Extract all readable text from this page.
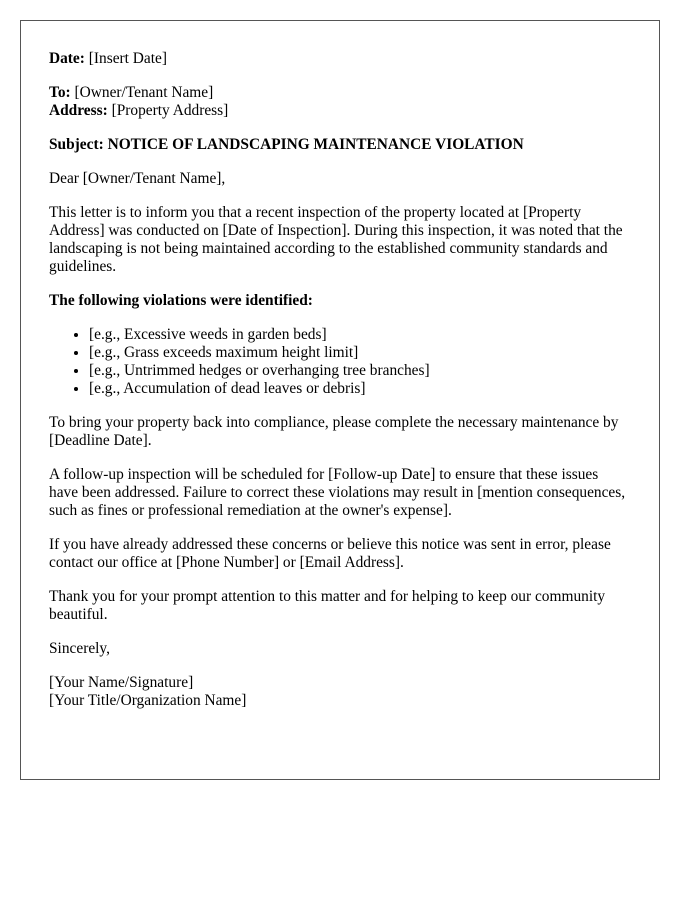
Date: [Insert Date]

To: [Owner/Tenant Name]

Address: [Property Address]

Subject: NOTICE OF LANDSCAPING MAINTENANCE VIOLATION

Dear [Owner/Tenant Name],

This letter is to inform you that a recent inspection of the property located at [Property Address] was conducted on [Date of Inspection]. During this inspection, it was noted that the landscaping is not being maintained according to the established community standards and guidelines.

The following violations were identified:

• [e.g., Excessive weeds in garden beds]
• [e.g., Grass exceeds maximum height limit]
• [e.g., Untrimmed hedges or overhanging tree branches]
• [e.g., Accumulation of dead leaves or debris]

To bring your property back into compliance, please complete the necessary maintenance by [Deadline Date].

A follow-up inspection will be scheduled for [Follow-up Date] to ensure that these issues have been addressed. Failure to correct these violations may result in [mention consequences, such as fines or professional remediation at the owner's expense].

If you have already addressed these concerns or believe this notice was sent in error, please contact our office at [Phone Number] or [Email Address].

Thank you for your prompt attention to this matter and for helping to keep our community beautiful.

Sincerely,

[Your Name/Signature]

[Your Title/Organization Name]
